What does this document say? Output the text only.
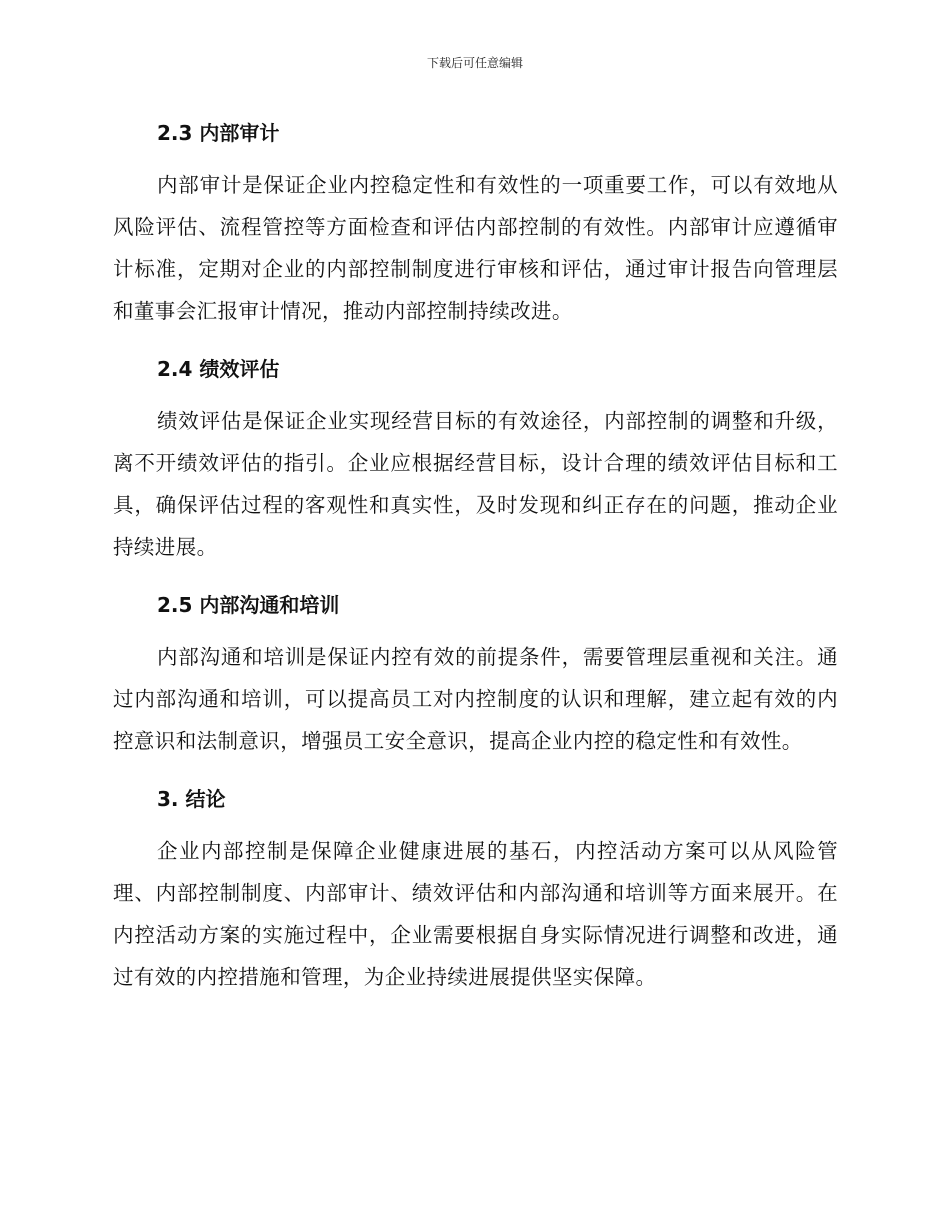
下载后可任意编辑
2.3 内部审计

内部审计是保证企业内控稳定性和有效性的一项重要工作，可以有效地从风险评估、流程管控等方面检查和评估内部控制的有效性。内部审计应遵循审计标准，定期对企业的内部控制制度进行审核和评估，通过审计报告向管理层和董事会汇报审计情况，推动内部控制持续改进。

2.4 绩效评估

绩效评估是保证企业实现经营目标的有效途径，内部控制的调整和升级，离不开绩效评估的指引。企业应根据经营目标，设计合理的绩效评估目标和工具，确保评估过程的客观性和真实性，及时发现和纠正存在的问题，推动企业持续进展。

2.5 内部沟通和培训

内部沟通和培训是保证内控有效的前提条件，需要管理层重视和关注。通过内部沟通和培训，可以提高员工对内控制度的认识和理解，建立起有效的内控意识和法制意识，增强员工安全意识，提高企业内控的稳定性和有效性。

3. 结论

企业内部控制是保障企业健康进展的基石，内控活动方案可以从风险管理、内部控制制度、内部审计、绩效评估和内部沟通和培训等方面来展开。在内控活动方案的实施过程中，企业需要根据自身实际情况进行调整和改进，通过有效的内控措施和管理，为企业持续进展提供坚实保障。
